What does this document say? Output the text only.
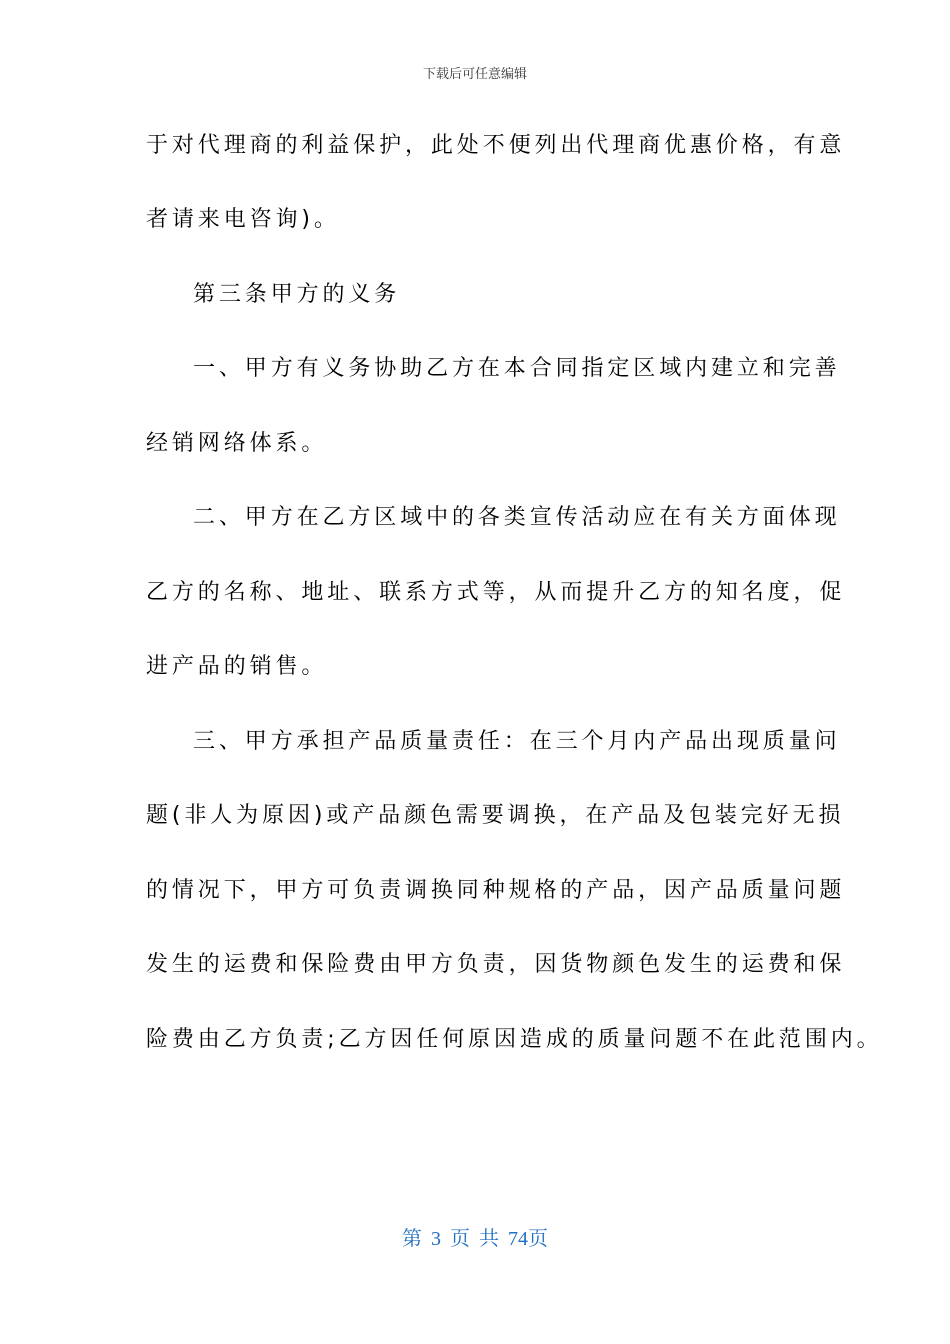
下载后可任意编辑
于对代理商的利益保护，此处不便列出代理商优惠价格，有意
者请来电咨询)。
第三条甲方的义务
一、甲方有义务协助乙方在本合同指定区域内建立和完善
经销网络体系。
二、甲方在乙方区域中的各类宣传活动应在有关方面体现
乙方的名称、地址、联系方式等，从而提升乙方的知名度，促
进产品的销售。
三、甲方承担产品质量责任：在三个月内产品出现质量问
题(非人为原因)或产品颜色需要调换，在产品及包装完好无损
的情况下，甲方可负责调换同种规格的产品，因产品质量问题
发生的运费和保险费由甲方负责，因货物颜色发生的运费和保
险费由乙方负责;乙方因任何原因造成的质量问题不在此范围内。
第 3 页 共 74页
